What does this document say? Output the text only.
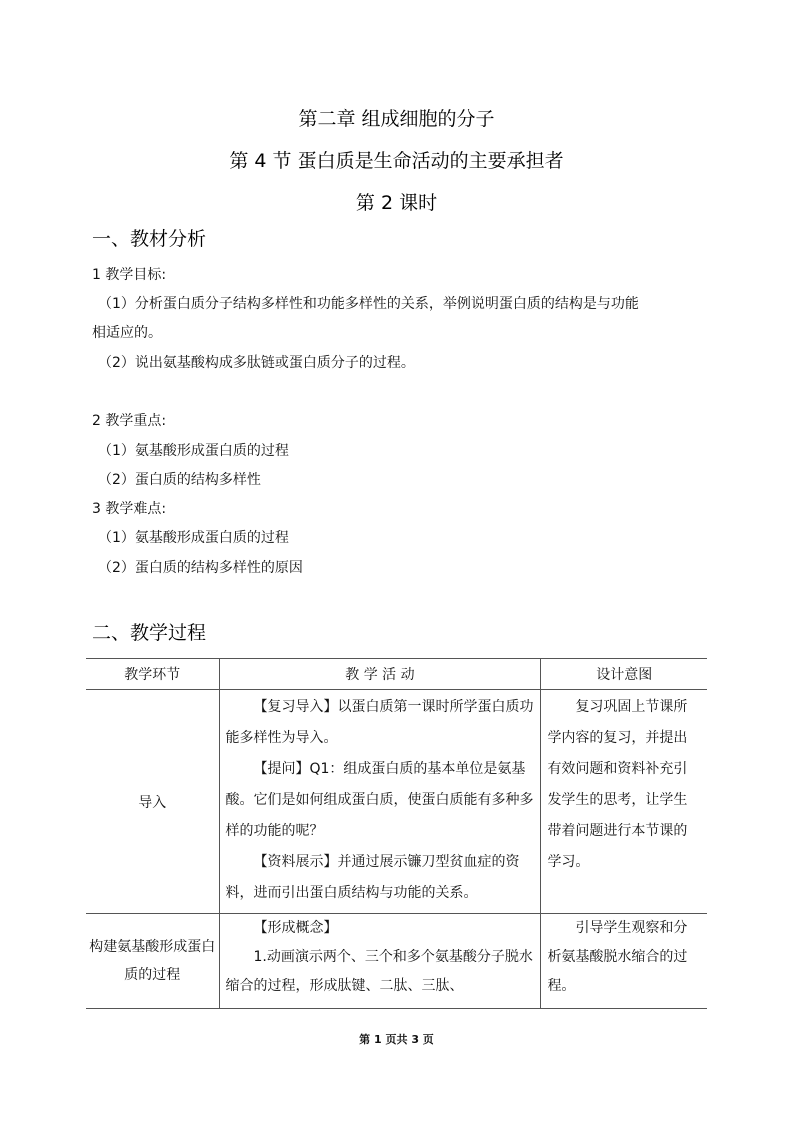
第二章 组成细胞的分子
第 4 节 蛋白质是生命活动的主要承担者
第 2 课时
一、教材分析
1 教学目标:
（1）分析蛋白质分子结构多样性和功能多样性的关系，举例说明蛋白质的结构是与功能
相适应的。
（2）说出氨基酸构成多肽链或蛋白质分子的过程。
2 教学重点:
（1）氨基酸形成蛋白质的过程
（2）蛋白质的结构多样性
3 教学难点:
（1）氨基酸形成蛋白质的过程
（2）蛋白质的结构多样性的原因
二、教学过程
教学环节	教 学 活 动	设计意图
导入	【复习导入】以蛋白质第一课时所学蛋白质功能多样性为导入。

【提问】Q1：组成蛋白质的基本单位是氨基酸。它们是如何组成蛋白质，使蛋白质能有多种多样的功能的呢？

【资料展示】并通过展示镰刀型贫血症的资料，进而引出蛋白质结构与功能的关系。	复习巩固上节课所学内容的复习，并提出有效问题和资料补充引发学生的思考，让学生带着问题进行本节课的学习。

构建氨基酸形成蛋白质的过程	【形成概念】

1.动画演示两个、三个和多个氨基酸分子脱水缩合的过程，形成肽键、二肽、三肽、	引导学生观察和分析氨基酸脱水缩合的过程。

第 1 页共 3 页
